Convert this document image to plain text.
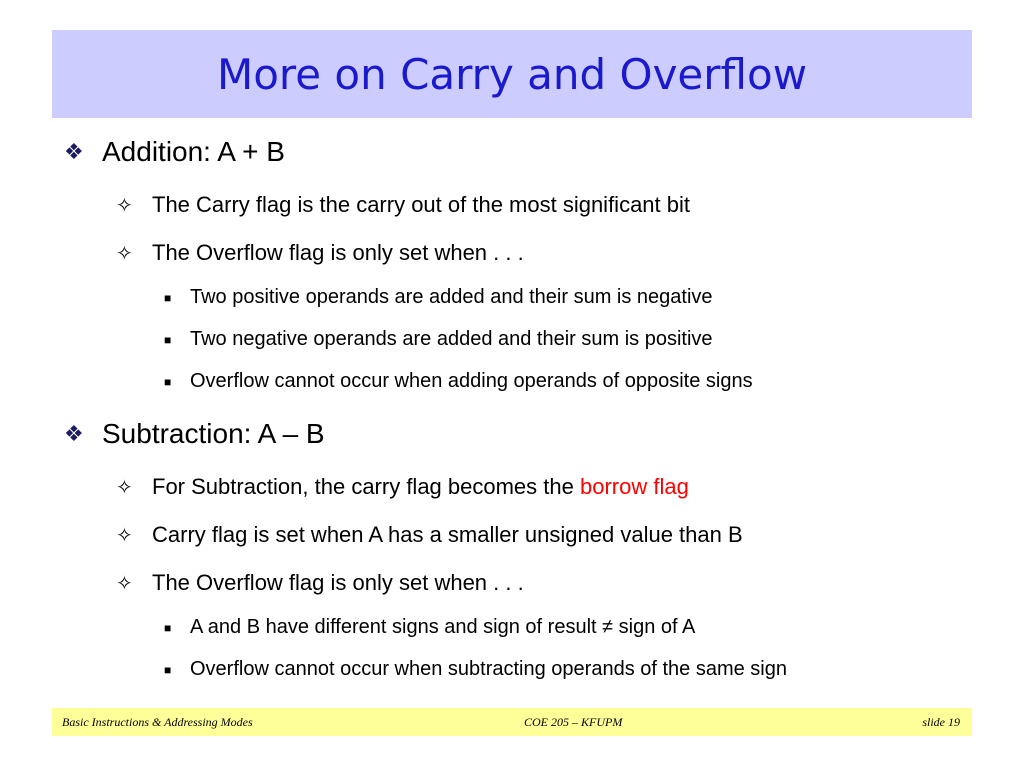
More on Carry and Overflow
❖ Addition: A + B
✧ The Carry flag is the carry out of the most significant bit
✧ The Overflow flag is only set when . . .
■ Two positive operands are added and their sum is negative
■ Two negative operands are added and their sum is positive
■ Overflow cannot occur when adding operands of opposite signs
❖ Subtraction: A – B
✧ For Subtraction, the carry flag becomes the borrow flag
✧ Carry flag is set when A has a smaller unsigned value than B
✧ The Overflow flag is only set when . . .
■ A and B have different signs and sign of result ≠ sign of A
■ Overflow cannot occur when subtracting operands of the same sign
Basic Instructions & Addressing Modes	COE 205 – KFUPM	slide 19
